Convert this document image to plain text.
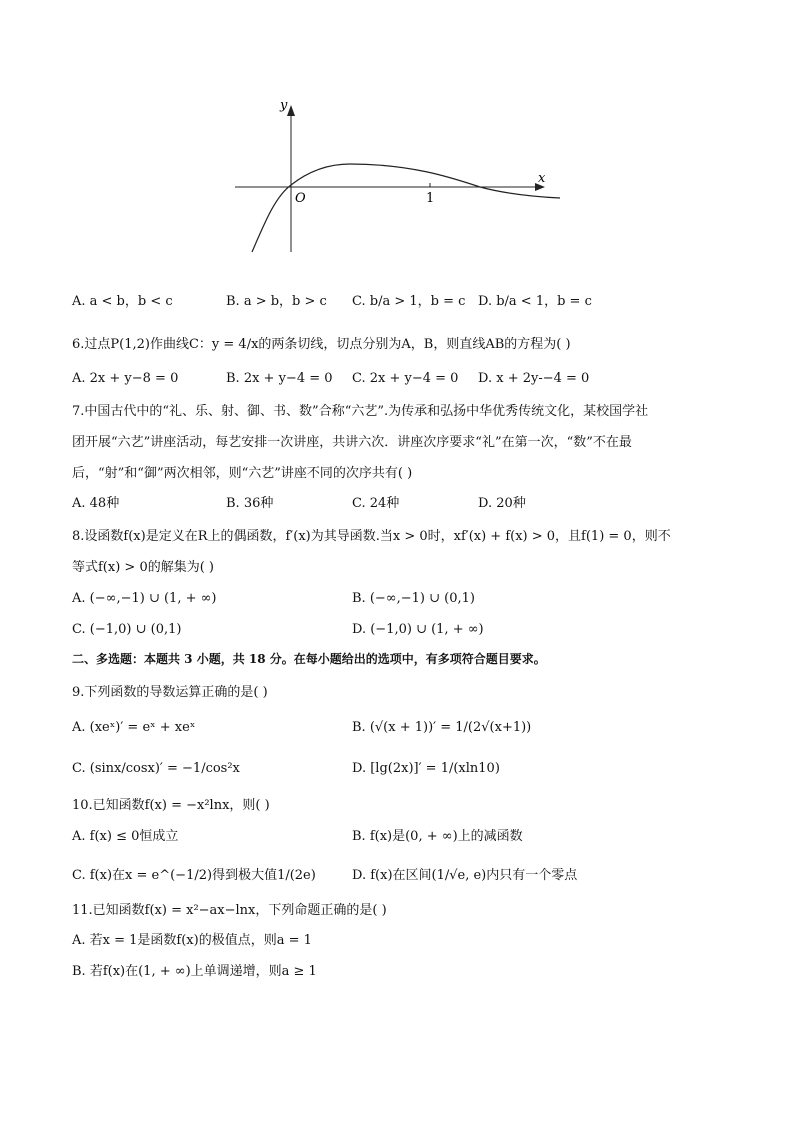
y
x
O	1
A. a < b，b < c	B. a > b，b > c C. b/a > 1，b = c D. b/a < 1，b = c
6.过点P(1,2)作曲线C：y = 4/x的两条切线，切点分别为A，B，则直线AB的方程为( )
A. 2x + y−8 = 0	B. 2x + y−4 = 0 C. 2x + y−4 = 0 D. x + 2y-−4 = 0
7.中国古代中的“礼、乐、射、御、书、数”合称“六艺”.为传承和弘扬中华优秀传统文化，某校国学社
团开展“六艺”讲座活动，每艺安排一次讲座，共讲六次．讲座次序要求“礼”在第一次，“数”不在最
后，“射”和“御”两次相邻，则“六艺”讲座不同的次序共有( )
A. 48种	B. 36种	C. 24种	D. 20种
8.设函数f(x)是定义在R上的偶函数，f′(x)为其导函数.当x > 0时，xf′(x) + f(x) > 0，且f(1) = 0，则不
等式f(x) > 0的解集为( )
A. (−∞,−1) ∪ (1, + ∞)	B. (−∞,−1) ∪ (0,1)
C. (−1,0) ∪ (0,1)	D. (−1,0) ∪ (1, + ∞)
二、多选题：本题共 3 小题，共 18 分。在每小题给出的选项中，有多项符合题目要求。
9.下列函数的导数运算正确的是( )
A. (xeˣ)′ = eˣ + xeˣ	B. (√(x + 1))′ = 1/(2√(x+1))
C. (sinx/cosx)′ = −1/cos²x	D. [lg(2x)]′ = 1/(xln10)
10.已知函数f(x) = −x²lnx，则( )
A. f(x) ≤ 0恒成立	B. f(x)是(0, + ∞)上的减函数
C. f(x)在x = e^(−1/2)得到极大值1/(2e)	D. f(x)在区间(1/√e, e)内只有一个零点
11.已知函数f(x) = x²−ax−lnx，下列命题正确的是( )
A. 若x = 1是函数f(x)的极值点，则a = 1
B. 若f(x)在(1, + ∞)上单调递增，则a ≥ 1
